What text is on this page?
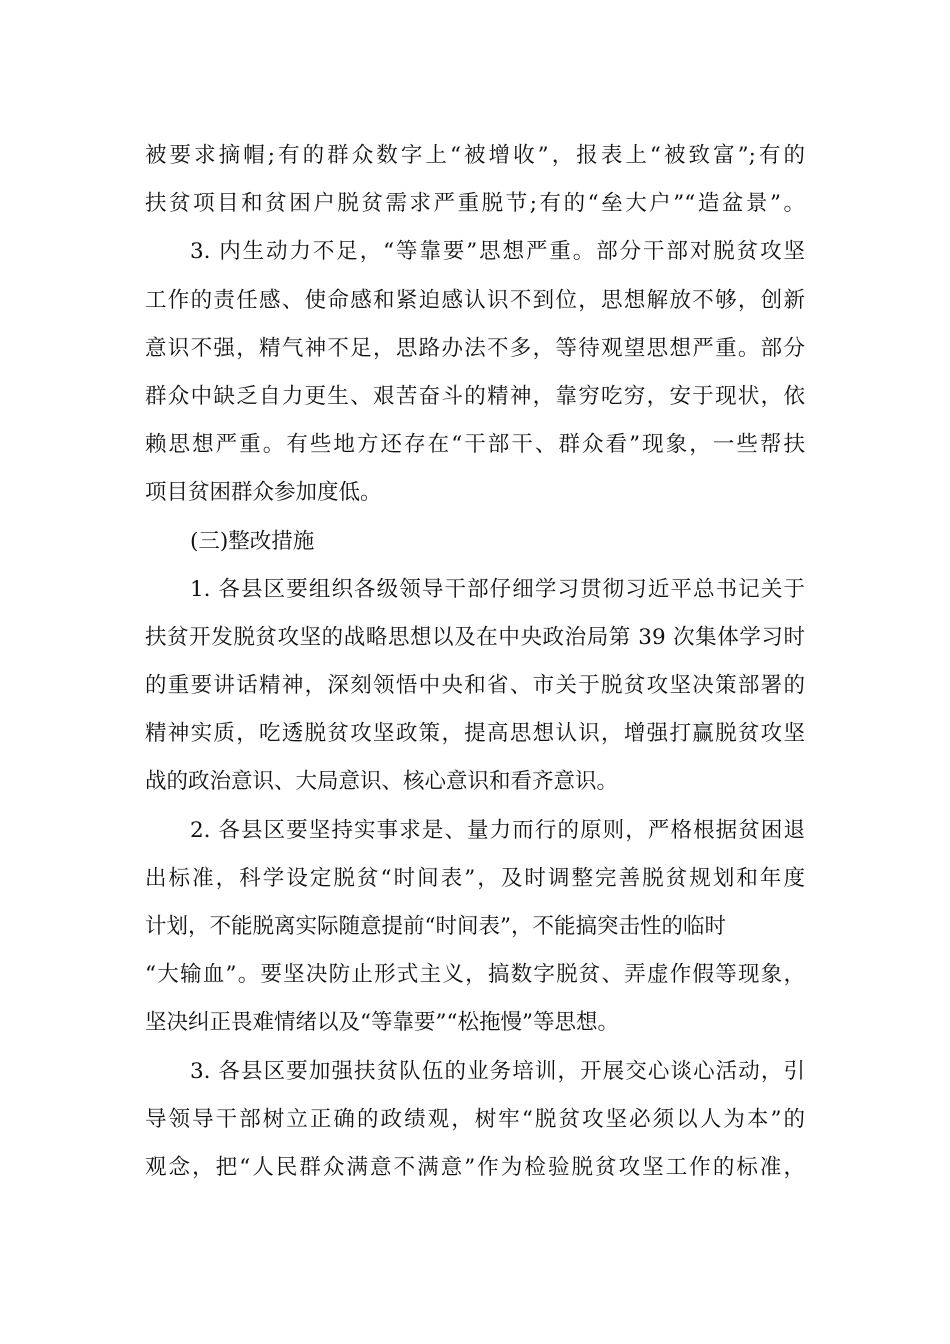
被要求摘帽;有的群众数字上“被增收”，报表上“被致富”;有的
扶贫项目和贫困户脱贫需求严重脱节;有的“垒大户”“造盆景”。
3. 内生动力不足，“等靠要”思想严重。部分干部对脱贫攻坚
工作的责任感、使命感和紧迫感认识不到位，思想解放不够，创新
意识不强，精气神不足，思路办法不多，等待观望思想严重。部分
群众中缺乏自力更生、艰苦奋斗的精神，靠穷吃穷，安于现状，依
赖思想严重。有些地方还存在“干部干、群众看”现象，一些帮扶
项目贫困群众参加度低。
(三)整改措施
1. 各县区要组织各级领导干部仔细学习贯彻习近平总书记关于
扶贫开发脱贫攻坚的战略思想以及在中央政治局第 39 次集体学习时
的重要讲话精神，深刻领悟中央和省、市关于脱贫攻坚决策部署的
精神实质，吃透脱贫攻坚政策，提高思想认识，增强打赢脱贫攻坚
战的政治意识、大局意识、核心意识和看齐意识。
2. 各县区要坚持实事求是、量力而行的原则，严格根据贫困退
出标准，科学设定脱贫“时间表”，及时调整完善脱贫规划和年度
计划，不能脱离实际随意提前“时间表”，不能搞突击性的临时
“大输血”。要坚决防止形式主义，搞数字脱贫、弄虚作假等现象，
坚决纠正畏难情绪以及“等靠要”“松拖慢”等思想。
3. 各县区要加强扶贫队伍的业务培训，开展交心谈心活动，引
导领导干部树立正确的政绩观，树牢“脱贫攻坚必须以人为本”的
观念，把“人民群众满意不满意”作为检验脱贫攻坚工作的标准，
